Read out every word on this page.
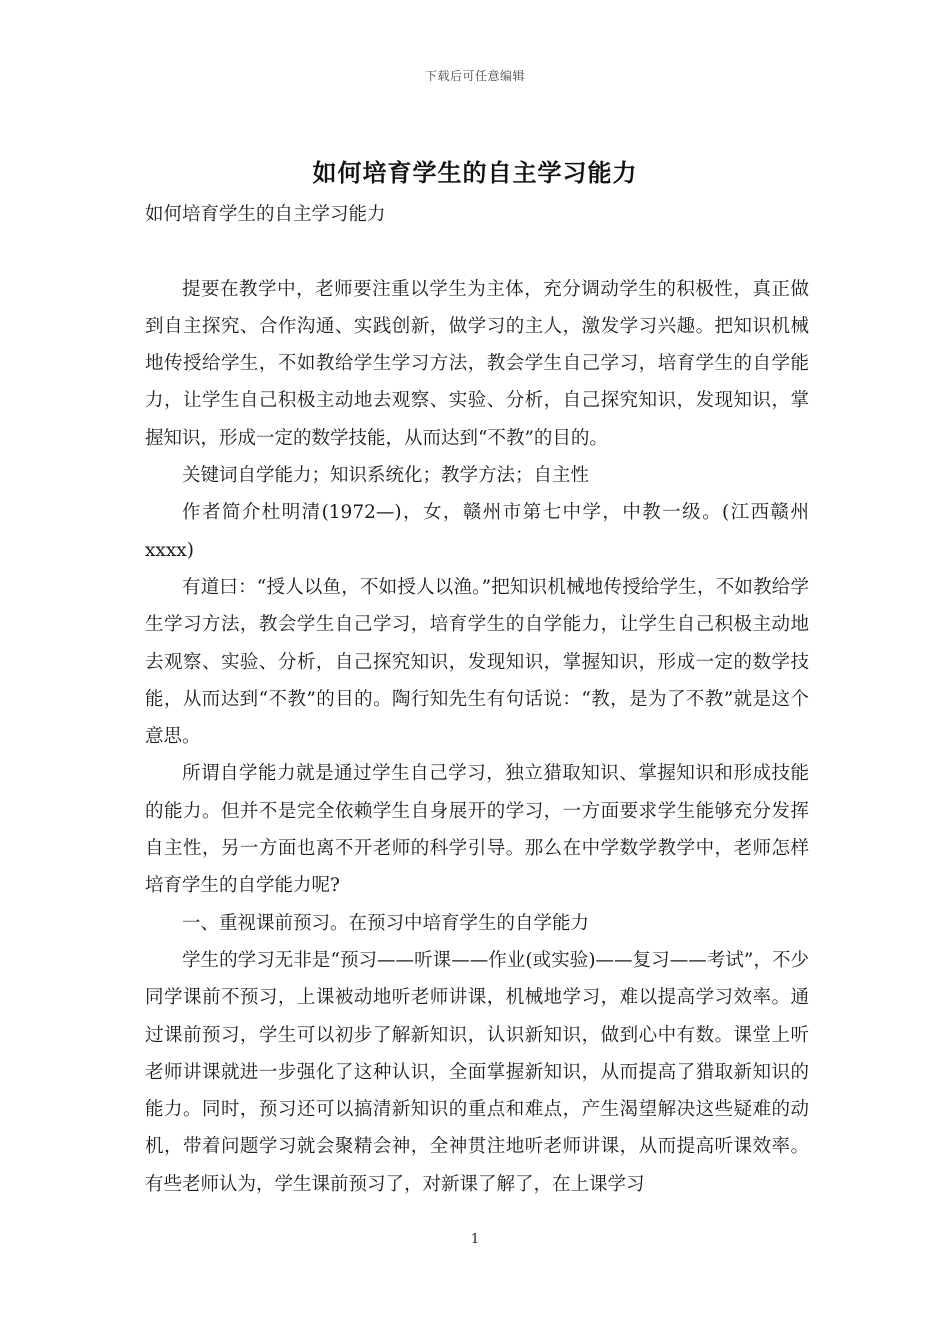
下载后可任意编辑
如何培育学生的自主学习能力

如何培育学生的自主学习能力

提要在教学中，老师要注重以学生为主体，充分调动学生的积极性，真正做到自主探究、合作沟通、实践创新，做学习的主人，激发学习兴趣。把知识机械地传授给学生，不如教给学生学习方法，教会学生自己学习，培育学生的自学能力，让学生自己积极主动地去观察、实验、分析，自己探究知识，发现知识，掌握知识，形成一定的数学技能，从而达到“不教”的目的。

关键词自学能力；知识系统化；教学方法；自主性

作者简介杜明清(1972—)，女，赣州市第七中学，中教一级。(江西赣州xxxx)

有道曰：“授人以鱼，不如授人以渔。”把知识机械地传授给学生，不如教给学生学习方法，教会学生自己学习，培育学生的自学能力，让学生自己积极主动地去观察、实验、分析，自己探究知识，发现知识，掌握知识，形成一定的数学技能，从而达到“不教”的目的。陶行知先生有句话说：“教，是为了不教”就是这个意思。

所谓自学能力就是通过学生自己学习，独立猎取知识、掌握知识和形成技能的能力。但并不是完全依赖学生自身展开的学习，一方面要求学生能够充分发挥自主性，另一方面也离不开老师的科学引导。那么在中学数学教学中，老师怎样培育学生的自学能力呢?

一、重视课前预习。在预习中培育学生的自学能力

学生的学习无非是“预习——听课——作业(或实验)——复习——考试”，不少同学课前不预习，上课被动地听老师讲课，机械地学习，难以提高学习效率。通过课前预习，学生可以初步了解新知识，认识新知识，做到心中有数。课堂上听老师讲课就进一步强化了这种认识，全面掌握新知识，从而提高了猎取新知识的能力。同时，预习还可以搞清新知识的重点和难点，产生渴望解决这些疑难的动机，带着问题学习就会聚精会神，全神贯注地听老师讲课，从而提高听课效率。有些老师认为，学生课前预习了，对新课了解了，在上课学习

1
